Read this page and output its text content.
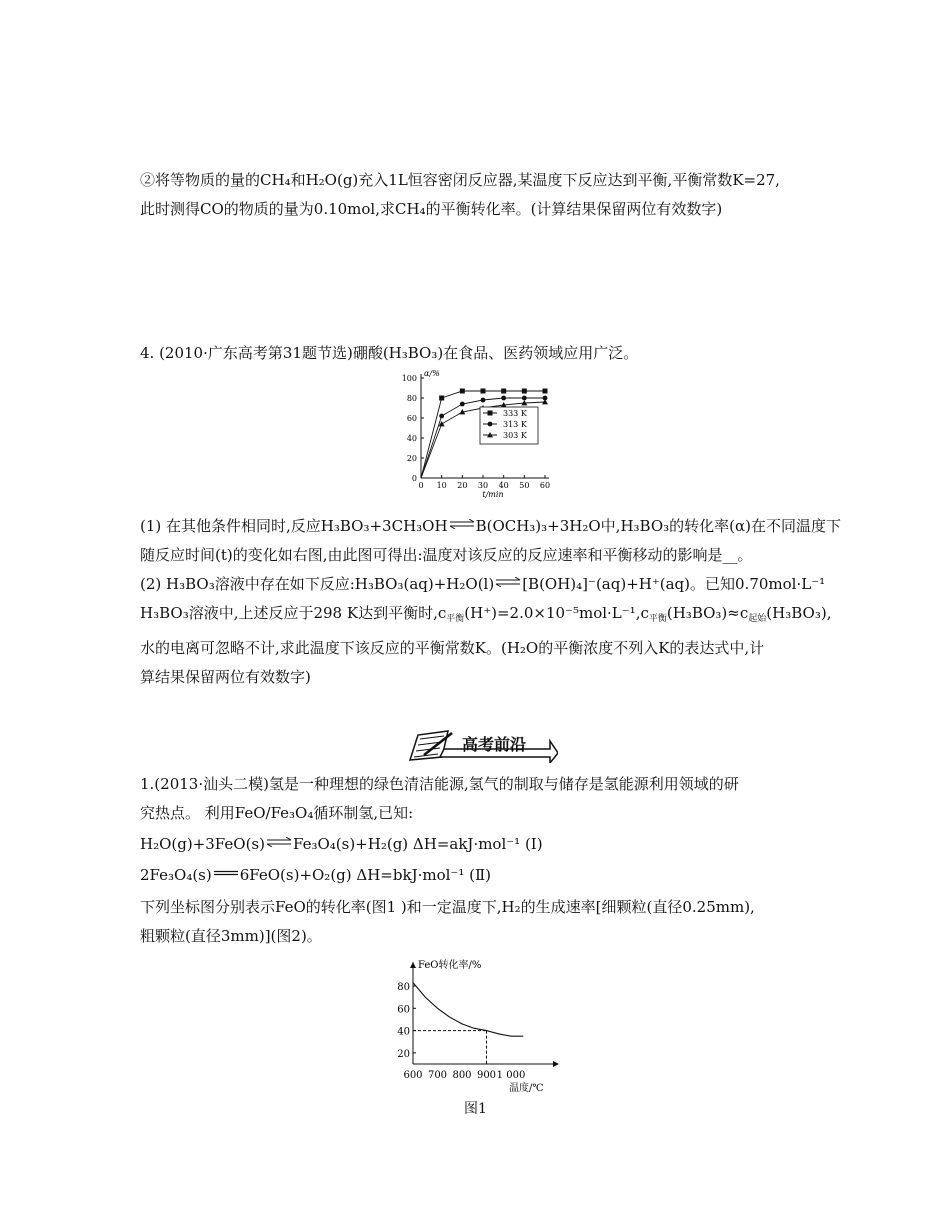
②将等物质的量的CH₄和H₂O(g)充入1L恒容密闭反应器,某温度下反应达到平衡,平衡常数K=27,
此时测得CO的物质的量为0.10mol,求CH₄的平衡转化率。(计算结果保留两位有效数字)
4. (2010·广东高考第31题节选)硼酸(H₃BO₃)在食品、医药领域应用广泛。
0
20
40
60
80
100
0 10 20 30 40 50 60
α/%
t/min
333 K
313 K
303 K
(1) 在其他条件相同时,反应H₃BO₃+3CH₃OH⇌B(OCH₃)₃+3H₂O中,H₃BO₃的转化率(α)在不同温度下
随反应时间(t)的变化如右图,由此图可得出:温度对该反应的反应速率和平衡移动的影响是__。
(2) H₃BO₃溶液中存在如下反应:H₃BO₃(aq)+H₂O(l)⇌[B(OH)₄]⁻(aq)+H⁺(aq)。已知0.70mol·L⁻¹
H₃BO₃溶液中,上述反应于298 K达到平衡时$,c_{平衡}(H^+)=2.0\times 10^{-5}mol\cdot L^{-1},c_{平衡}(H_3BO_3)\approx c_{起始}(H_3BO_3)$,
水的电离可忽略不计,求此温度下该反应的平衡常数K。(H₂O的平衡浓度不列入K的表达式中,计
算结果保留两位有效数字)
高考前沿
1.(2013·汕头二模)氢是一种理想的绿色清洁能源,氢气的制取与储存是氢能源利用领域的研
究热点。 利用FeO/Fe₃O₄循环制氢,已知:
H₂O(g)+3FeO(s)⇌Fe₃O₄(s)+H₂(g) ΔH=akJ·mol⁻¹ (Ⅰ)
2Fe₃O₄(s) 6FeO(s)+O₂(g) ΔH=bkJ·mol⁻¹ (Ⅱ)
下列坐标图分别表示FeO的转化率(图1 )和一定温度下,H₂的生成速率[细颗粒(直径0.25mm),
粗颗粒(直径3mm)](图2)。
20
40
60
80
600 700 800 900 1 000
FeO转化率/%
温度/℃
图1
